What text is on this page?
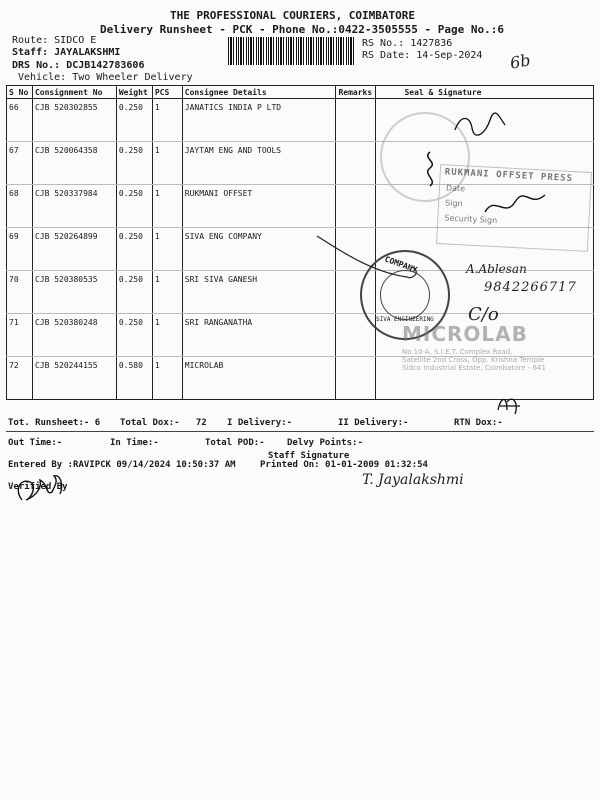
THE PROFESSIONAL COURIERS, COIMBATORE
Delivery Runsheet - PCK - Phone No.:0422-3505555 - Page No.:6
Route: SIDCO E
Staff: JAYALAKSHMI
DRS No.: DCJB142783606
Vehicle: Two Wheeler Delivery
RS No.: 1427836
RS Date: 14-Sep-2024 6b
S No	Consignment No	Weight	PCS	Consignee Details	Remarks	Seal & Signature
66	CJB 520302855	0.250	1	JANATICS INDIA P LTD		
67	CJB 520064358	0.250	1	JAYTAM ENG AND TOOLS		
68	CJB 520337984	0.250	1	RUKMANI OFFSET		
69	CJB 520264899	0.250	1	SIVA ENG COMPANY		
70	CJB 520380535	0.250	1	SRI SIVA GANESH		
71	CJB 520380248	0.250	1	SRI RANGANATHA		
72	CJB 520244155	0.580	1	MICROLAB		
RUKMANI OFFSET PRESS
Date
Sign
Security Sign
COMPANY
SIVA ENGINEERING
A.Ablesan
9842266717
C/o
MICROLAB
No.10-A, S.I.E.T. Complex Road,
Satellite 2nd Cross, Opp. Krishna Temple
Sidco Industrial Estate, Coimbatore - 641
Tot. Runsheet:- 6 Total Dox:- 72 I Delivery:-	II Delivery:-	RTN Dox:-
Out Time:-	In Time:-	Total POD:- Delvy Points:-
Entered By :RAVIPCK 09/14/2024 10:50:37 AM	Printed On: 01-01-2009 01:32:54
Verified By
Staff Signature
T. Jayalakshmi
